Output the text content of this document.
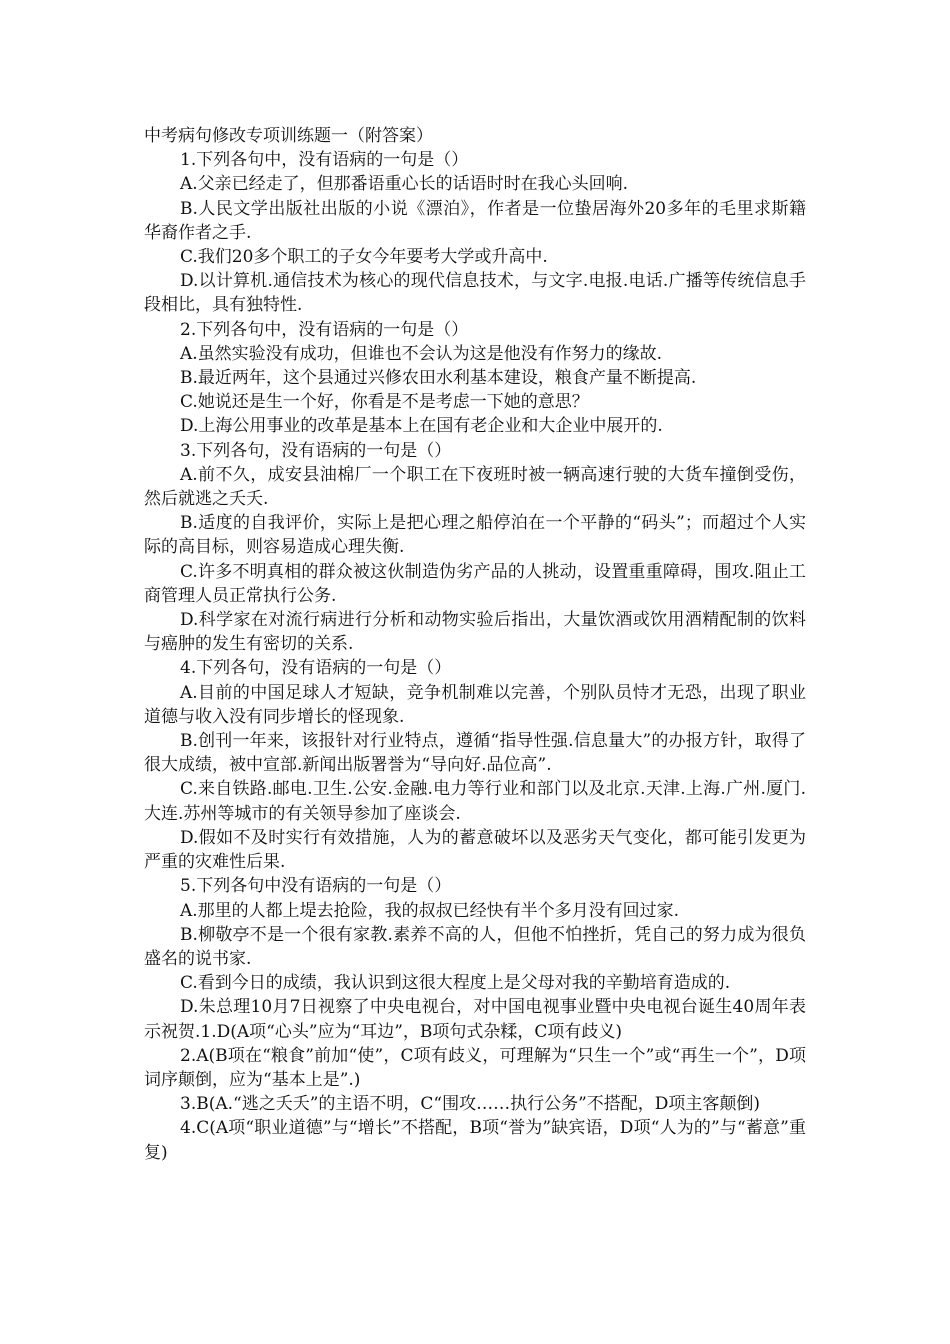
中考病句修改专项训练题一（附答案）

1.下列各句中，没有语病的一句是（）

A.父亲已经走了，但那番语重心长的话语时时在我心头回响.

B.人民文学出版社出版的小说《漂泊》，作者是一位蛰居海外20多年的毛里求斯籍华裔作者之手.

C.我们20多个职工的子女今年要考大学或升高中.

D.以计算机.通信技术为核心的现代信息技术，与文字.电报.电话.广播等传统信息手段相比，具有独特性.

2.下列各句中，没有语病的一句是（）

A.虽然实验没有成功，但谁也不会认为这是他没有作努力的缘故.

B.最近两年，这个县通过兴修农田水利基本建设，粮食产量不断提高.

C.她说还是生一个好，你看是不是考虑一下她的意思？

D.上海公用事业的改革是基本上在国有老企业和大企业中展开的.

3.下列各句，没有语病的一句是（）

A.前不久，成安县油棉厂一个职工在下夜班时被一辆高速行驶的大货车撞倒受伤，然后就逃之夭夭.

B.适度的自我评价，实际上是把心理之船停泊在一个平静的“码头”；而超过个人实际的高目标，则容易造成心理失衡.

C.许多不明真相的群众被这伙制造伪劣产品的人挑动，设置重重障碍，围攻.阻止工商管理人员正常执行公务.

D.科学家在对流行病进行分析和动物实验后指出，大量饮酒或饮用酒精配制的饮料与癌肿的发生有密切的关系.

4.下列各句，没有语病的一句是（）

A.目前的中国足球人才短缺，竞争机制难以完善，个别队员恃才无恐，出现了职业道德与收入没有同步增长的怪现象.

B.创刊一年来，该报针对行业特点，遵循“指导性强.信息量大”的办报方针，取得了很大成绩，被中宣部.新闻出版署誉为“导向好.品位高”.

C.来自铁路.邮电.卫生.公安.金融.电力等行业和部门以及北京.天津.上海.广州.厦门.大连.苏州等城市的有关领导参加了座谈会.

D.假如不及时实行有效措施，人为的蓄意破坏以及恶劣天气变化，都可能引发更为严重的灾难性后果.

5.下列各句中没有语病的一句是（）

A.那里的人都上堤去抢险，我的叔叔已经快有半个多月没有回过家.

B.柳敬亭不是一个很有家教.素养不高的人，但他不怕挫折，凭自己的努力成为很负盛名的说书家.

C.看到今日的成绩，我认识到这很大程度上是父母对我的辛勤培育造成的.

D.朱总理10月7日视察了中央电视台，对中国电视事业暨中央电视台诞生40周年表示祝贺.1.D(A项“心头”应为“耳边”，B项句式杂糅，C项有歧义)

2.A(B项在“粮食”前加“使”，C项有歧义，可理解为“只生一个”或“再生一个”，D项词序颠倒，应为“基本上是”.)

3.B(A.“逃之夭夭”的主语不明，C“围攻……执行公务”不搭配，D项主客颠倒)

4.C(A项“职业道德”与“增长”不搭配，B项“誉为”缺宾语，D项“人为的”与“蓄意”重复)
